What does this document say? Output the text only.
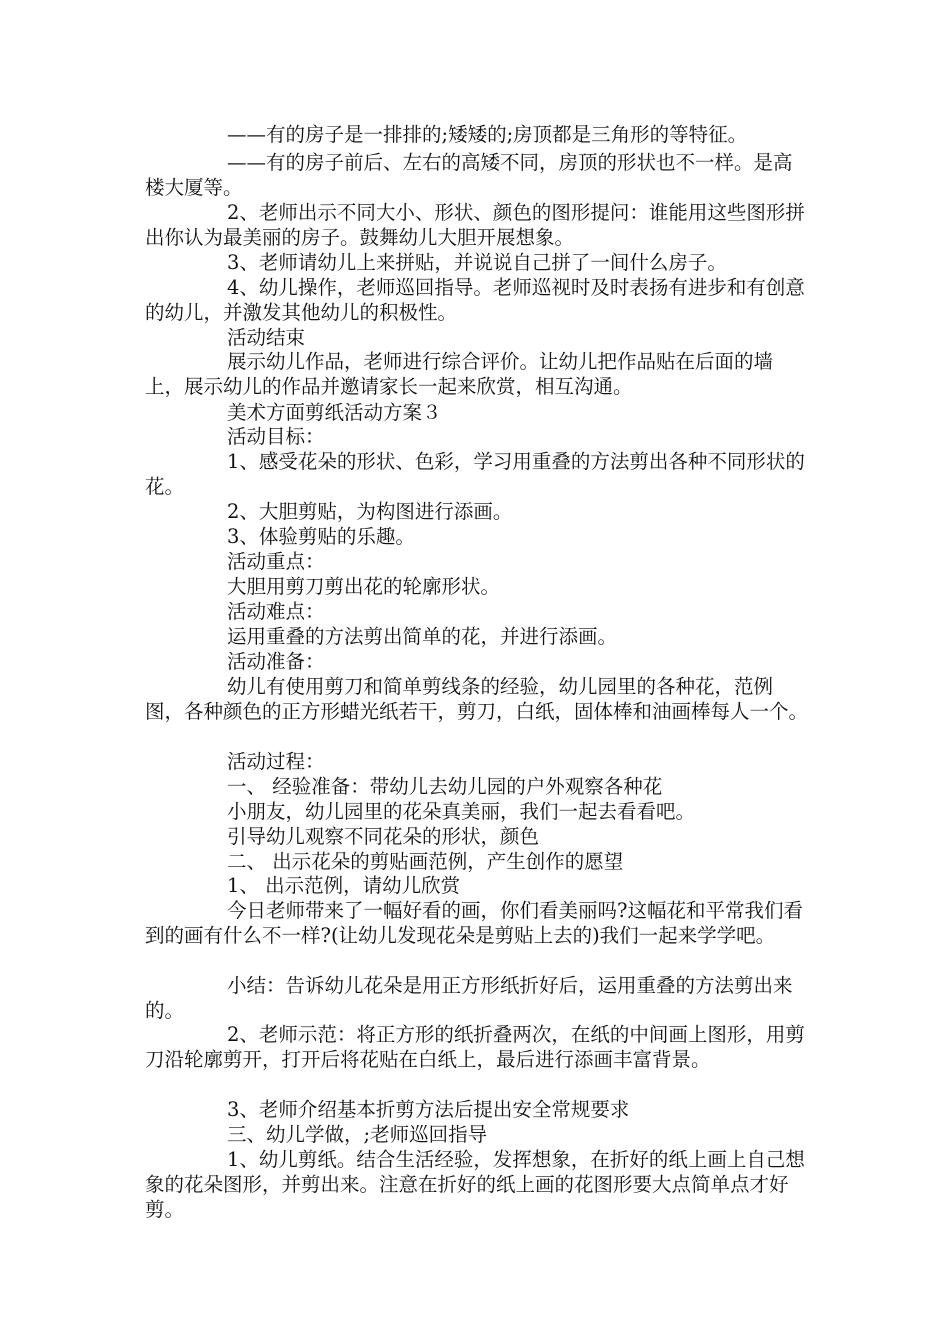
——有的房子是一排排的;矮矮的;房顶都是三角形的等特征。

——有的房子前后、左右的高矮不同，房顶的形状也不一样。是高楼大厦等。

2、老师出示不同大小、形状、颜色的图形提问：谁能用这些图形拼出你认为最美丽的房子。鼓舞幼儿大胆开展想象。

3、老师请幼儿上来拼贴，并说说自己拼了一间什么房子。

4、幼儿操作，老师巡回指导。老师巡视时及时表扬有进步和有创意的幼儿，并激发其他幼儿的积极性。

活动结束

展示幼儿作品，老师进行综合评价。让幼儿把作品贴在后面的墙上，展示幼儿的作品并邀请家长一起来欣赏，相互沟通。

美术方面剪纸活动方案３

活动目标：

1、感受花朵的形状、色彩，学习用重叠的方法剪出各种不同形状的花。

2、大胆剪贴，为构图进行添画。

3、体验剪贴的乐趣。

活动重点：

大胆用剪刀剪出花的轮廓形状。

活动难点：

运用重叠的方法剪出简单的花，并进行添画。

活动准备：

幼儿有使用剪刀和简单剪线条的经验，幼儿园里的各种花，范例图，各种颜色的正方形蜡光纸若干，剪刀，白纸，固体棒和油画棒每人一个。

活动过程：

一、 经验准备：带幼儿去幼儿园的户外观察各种花

小朋友，幼儿园里的花朵真美丽，我们一起去看看吧。

引导幼儿观察不同花朵的形状，颜色

二、 出示花朵的剪贴画范例，产生创作的愿望

1、 出示范例，请幼儿欣赏

今日老师带来了一幅好看的画，你们看美丽吗?这幅花和平常我们看到的画有什么不一样?(让幼儿发现花朵是剪贴上去的)我们一起来学学吧。

小结：告诉幼儿花朵是用正方形纸折好后，运用重叠的方法剪出来的。

2、老师示范：将正方形的纸折叠两次，在纸的中间画上图形，用剪刀沿轮廓剪开，打开后将花贴在白纸上，最后进行添画丰富背景。

3、老师介绍基本折剪方法后提出安全常规要求

三、幼儿学做，;老师巡回指导

1、幼儿剪纸。结合生活经验，发挥想象，在折好的纸上画上自己想象的花朵图形，并剪出来。注意在折好的纸上画的花图形要大点简单点才好剪。
